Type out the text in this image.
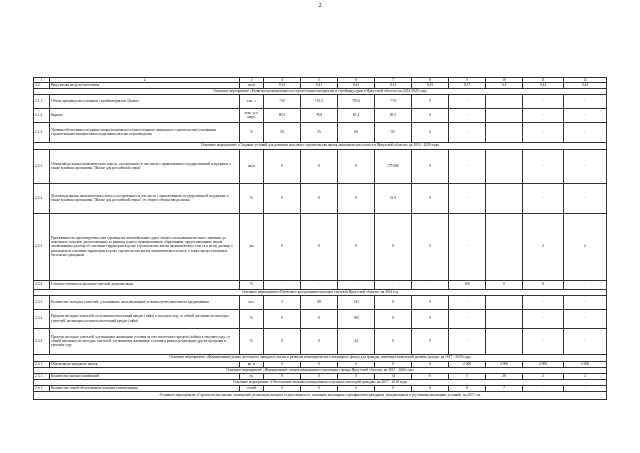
2
1	2	3	4	5	6	7	8	9	10	11	12
2.2.	Ввод жилья на душу населения	кв.м	0,35	0,41	0,41	0,33	0,35	0,37	0,4	0,42	0,44
Основное мероприятие «Развитие промышленности строительных материалов и стройиндустрии в Иркутской области» на 2014-2020 годы											
2.1.1.	Объем производства основных стройматериалов: Цемент	тыс. т	735	713,5	755,6	770	0	-	-	-	-
2.1.2.	Кирпич	млн. усл. кирп.	80,3	78,8	81,2	85,5	0	-	-	-	-
2.1.3.	Уровень обеспеченности рынка жилья экономкласса (малоэтажного жилищного строительства) основными строительными материалами и изделиями местного производства	%	50	55	60	65	0	-	-	-	-
Основное мероприятие «Создание условий для развития массового строительства жилья экономического класса в Иркутской области» на 2014 - 2020 годы											
2.2.1.	Объем ввода жилья экономического класса, построенного в том числе с привлечением государственной поддержки, а также в рамках программы "Жилье для российской семьи"	кв.м	0	0	0	175 000	0	-	-	-	-
2.2.2.	Доля ввода жилья экономического класса, построенного в том числе с привлечением государственной поддержки, а также в рамках программы "Жилье для российской семьи", от общего объема ввода жилья	%	0	0	0	21,9	0	-	-	-	-
2.2.3.	Протяженность проектируемых или строящихся автомобильных дорог общего пользования местного значения до земельных участков, расположенных в границах одного муниципального образования, предоставленных лицам, заключившим договор об освоении территории в целях строительства жилья экономического класса и (или) договор о комплексном освоении территории в целях строительства жилья экономического класса, а также предоставленных бесплатно гражданам	км	0	0	0	0	6	-	-	2	2
2.2.4.	Степень готовности проектно-сметной документации	%	-	-	-	-	-	100	0	0	-
Основное мероприятие «Ипотечное кредитование молодых учителей Иркутской области» на 2014 год											
2.3.1.	Количество молодых учителей, улучшивших свои жилищные условия путем ипотечного кредитования	чел.	5	80	143	0	0	-	-	-	-
2.3.2.	Процент молодых учителей, получивших ипотечный кредит (займ) в текущем году, от общей численности молодых учителей, желающих получить ипотечный кредит (займ)	%	0	0	100	0	0	-	-	-	-
2.3.3.	Процент молодых учителей, улучшивших жилищные условия за счет ипотечного кредита (займа) в текущем году, от общей численности молодых учителей, улучшивших жилищные условия в рамках реализации других программ в текущем году	%	0	0	44	0	0	-	-	-	-
Основное мероприятие «Формирование рынка доступного арендного жилья и развитие некоммерческого жилищного фонда для граждан, имеющих невысокий уровень дохода» на 2017 - 2020 годы											
2.4.1.	Объем ввода арендного жилья	кв. м	0	0	0	0	0	2 000	2 000	2 000	2 000
Основное мероприятие «Формирование специализированного жилищного фонда Иркутской области» на 2015 - 2020 годы											
2.5.1.	Количество жилых помещений	ед.	0	0	0	14	0	5	26	2	2
Основное мероприятие «Обеспечение жилыми помещениями отдельных категорий граждан» на 2017 - 2018 годы											
2.6.1.	Количество семей обеспеченных жилыми помещениями	семей	0	0	0	0	0	6	7	-	-
Основное мероприятие «Строительство жилых помещений, реализация которых осуществляется с помощью жилищных сертификатов гражданам, нуждающимся в улучшении жилищных условий» на 2017 год											
